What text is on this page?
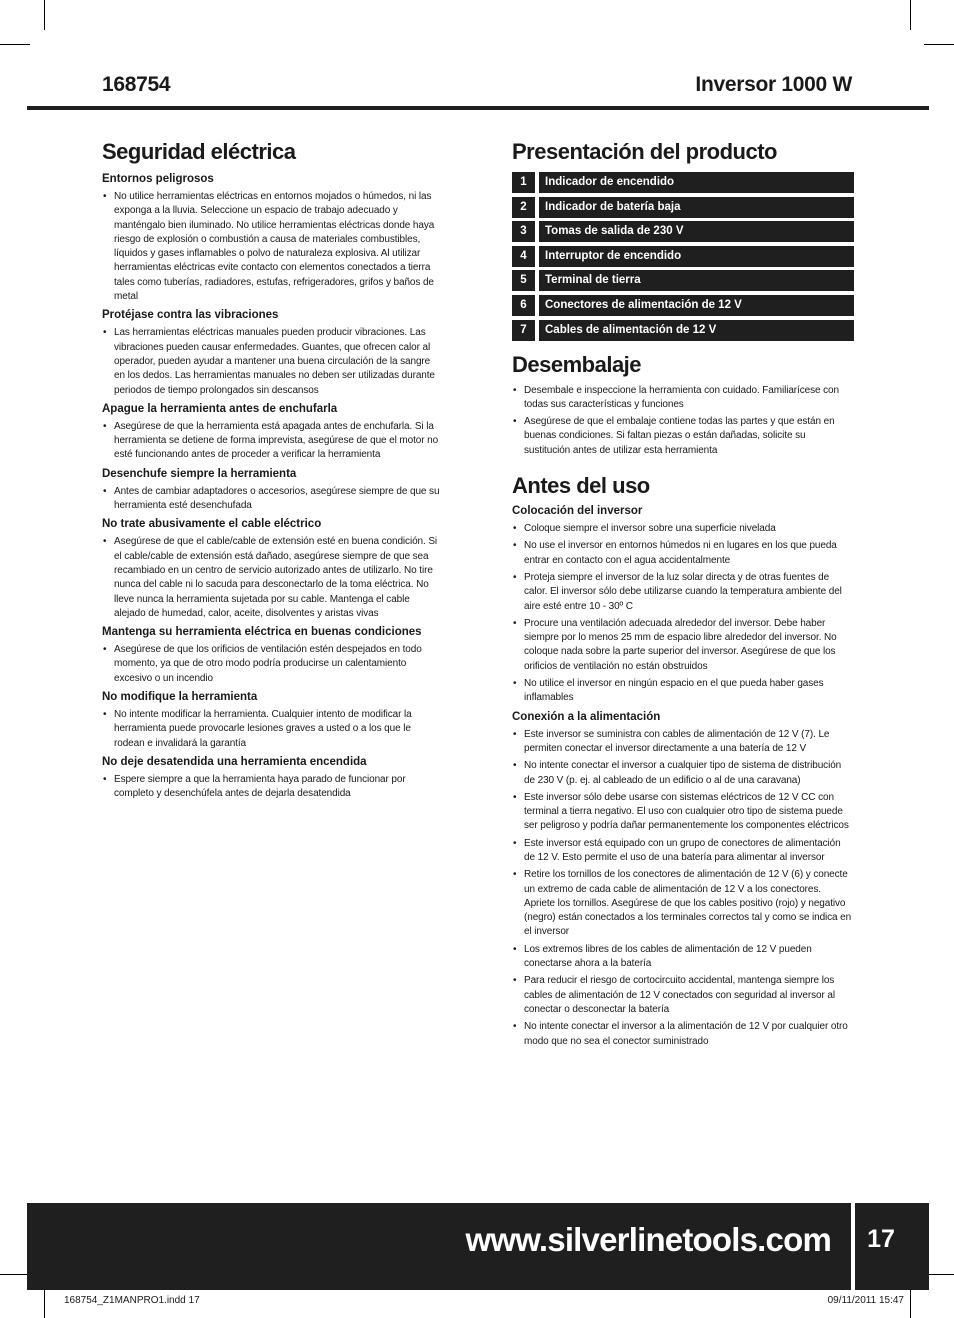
168754	Inversor 1000 W
Seguridad eléctrica
Entornos peligrosos
• No utilice herramientas eléctricas en entornos mojados o húmedos, ni las exponga a la lluvia. Seleccione un espacio de trabajo adecuado y manténgalo bien iluminado. No utilice herramientas eléctricas donde haya riesgo de explosión o combustión a causa de materiales combustibles, líquidos y gases inflamables o polvo de naturaleza explosiva. Al utilizar herramientas eléctricas evite contacto con elementos conectados a tierra tales como tuberías, radiadores, estufas, refrigeradores, grifos y baños de metal
Protéjase contra las vibraciones
• Las herramientas eléctricas manuales pueden producir vibraciones. Las vibraciones pueden causar enfermedades. Guantes, que ofrecen calor al operador, pueden ayudar a mantener una buena circulación de la sangre en los dedos. Las herramientas manuales no deben ser utilizadas durante periodos de tiempo prolongados sin descansos
Apague la herramienta antes de enchufarla
• Asegúrese de que la herramienta está apagada antes de enchufarla. Si la herramienta se detiene de forma imprevista, asegúrese de que el motor no esté funcionando antes de proceder a verificar la herramienta
Desenchufe siempre la herramienta
• Antes de cambiar adaptadores o accesorios, asegúrese siempre de que su herramienta esté desenchufada
No trate abusivamente el cable eléctrico
• Asegúrese de que el cable/cable de extensión esté en buena condición. Si el cable/cable de extensión está dañado, asegúrese siempre de que sea recambiado en un centro de servicio autorizado antes de utilizarlo. No tire nunca del cable ni lo sacuda para desconectarlo de la toma eléctrica. No lleve nunca la herramienta sujetada por su cable. Mantenga el cable alejado de humedad, calor, aceite, disolventes y aristas vivas
Mantenga su herramienta eléctrica en buenas condiciones
• Asegúrese de que los orificios de ventilación estén despejados en todo momento, ya que de otro modo podría producirse un calentamiento excesivo o un incendio
No modifique la herramienta
• No intente modificar la herramienta. Cualquier intento de modificar la herramienta puede provocarle lesiones graves a usted o a los que le rodean e invalidará la garantía
No deje desatendida una herramienta encendida
• Espere siempre a que la herramienta haya parado de funcionar por completo y desenchúfela antes de dejarla desatendida
Presentación del producto
1	Indicador de encendido
2	Indicador de batería baja
3	Tomas de salida de 230 V
4	Interruptor de encendido
5	Terminal de tierra
6	Conectores de alimentación de 12 V
7	Cables de alimentación de 12 V
Desembalaje
• Desembale e inspeccione la herramienta con cuidado. Familiarícese con todas sus características y funciones
• Asegúrese de que el embalaje contiene todas las partes y que están en buenas condiciones. Si faltan piezas o están dañadas, solicite su sustitución antes de utilizar esta herramienta
Antes del uso
Colocación del inversor
• Coloque siempre el inversor sobre una superficie nivelada
• No use el inversor en entornos húmedos ni en lugares en los que pueda entrar en contacto con el agua accidentalmente
• Proteja siempre el inversor de la luz solar directa y de otras fuentes de calor. El inversor sólo debe utilizarse cuando la temperatura ambiente del aire esté entre 10 - 30º C
• Procure una ventilación adecuada alrededor del inversor. Debe haber siempre por lo menos 25 mm de espacio libre alrededor del inversor. No coloque nada sobre la parte superior del inversor. Asegúrese de que los orificios de ventilación no están obstruidos
• No utilice el inversor en ningún espacio en el que pueda haber gases inflamables
Conexión a la alimentación
• Este inversor se suministra con cables de alimentación de 12 V (7). Le permiten conectar el inversor directamente a una batería de 12 V
• No intente conectar el inversor a cualquier tipo de sistema de distribución de 230 V (p. ej. al cableado de un edificio o al de una caravana)
• Este inversor sólo debe usarse con sistemas eléctricos de 12 V CC con terminal a tierra negativo. El uso con cualquier otro tipo de sistema puede ser peligroso y podría dañar permanentemente los componentes eléctricos
• Este inversor está equipado con un grupo de conectores de alimentación de 12 V. Esto permite el uso de una batería para alimentar al inversor
• Retire los tornillos de los conectores de alimentación de 12 V (6) y conecte un extremo de cada cable de alimentación de 12 V a los conectores. Apriete los tornillos. Asegúrese de que los cables positivo (rojo) y negativo (negro) están conectados a los terminales correctos tal y como se indica en el inversor
• Los extremos libres de los cables de alimentación de 12 V pueden conectarse ahora a la batería
• Para reducir el riesgo de cortocircuito accidental, mantenga siempre los cables de alimentación de 12 V conectados con seguridad al inversor al conectar o desconectar la batería
• No intente conectar el inversor a la alimentación de 12 V por cualquier otro modo que no sea el conector suministrado
www.silverlinetools.com	17
168754_Z1MANPRO1.indd 17	09/11/2011 15:47
